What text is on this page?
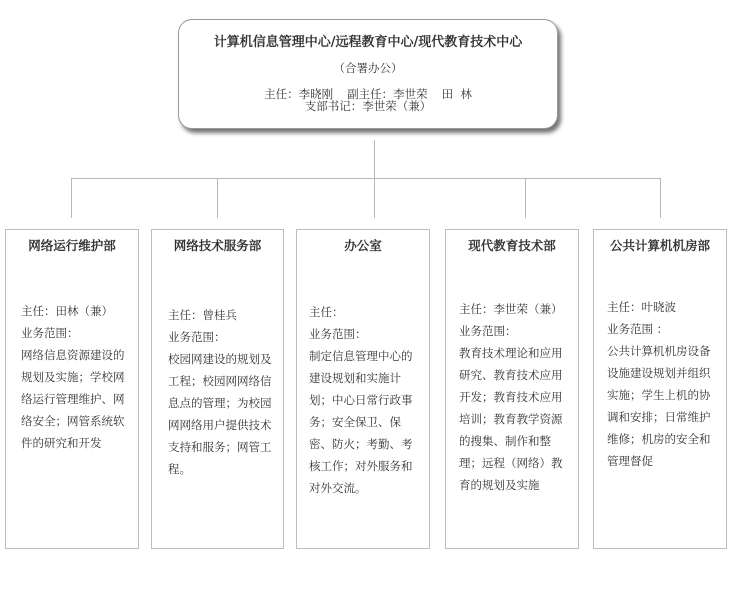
计算机信息管理中心/远程教育中心/现代教育技术中心
（合署办公）
主任：李晓刚 副主任：李世荣 田  林
支部书记：李世荣（兼）
网络运行维护部

主任：田林（兼）

业务范围：

网络信息资源建设的规划及实施；学校网络运行管理维护、网络安全；网管系统软件的研究和开发

网络技术服务部

主任：曾桂兵

业务范围：

校园网建设的规划及工程；校园网网络信息点的管理；为校园网网络用户提供技术支持和服务；网管工程。

办公室

主任：

业务范围：

制定信息管理中心的建设规划和实施计划；中心日常行政事务；安全保卫、保密、防火；考勤、考核工作；对外服务和对外交流。

现代教育技术部

主任：李世荣（兼）

业务范围：

教育技术理论和应用研究、教育技术应用开发；教育技术应用培训；教育教学资源的搜集、制作和整理；远程（网络）教育的规划及实施

公共计算机机房部

主任：叶晓波

业务范围 ：

公共计算机机房设备设施建设规划并组织实施；学生上机的协调和安排；日常维护维修；机房的安全和管理督促
